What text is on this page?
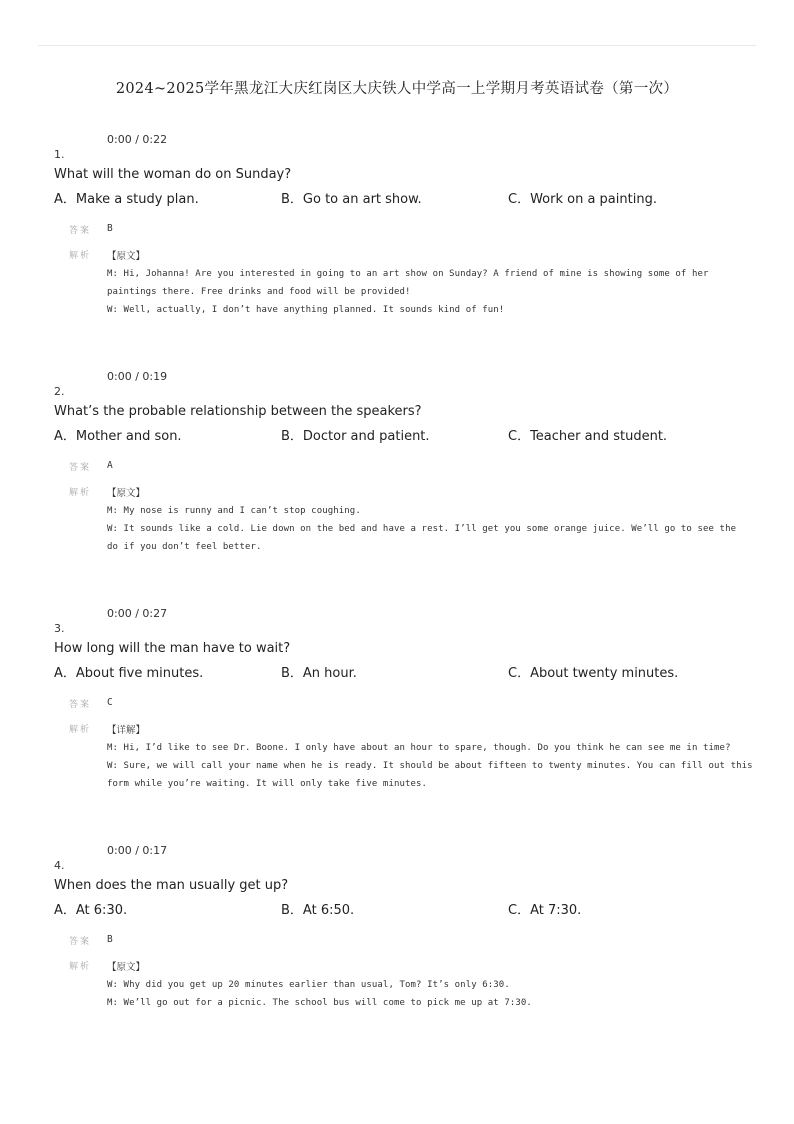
2024~2025学年黑龙江大庆红岗区大庆铁人中学高一上学期月考英语试卷（第一次）
0:00 / 0:22
1.
What will the woman do on Sunday?
A．Make a study plan.	B．Go to an art show.	C．Work on a painting.
答案 B
解析 【原文】
M: Hi, Johanna! Are you interested in going to an art show on Sunday? A friend of mine is showing some of her
paintings there. Free drinks and food will be provided!
W: Well, actually, I don’t have anything planned. It sounds kind of fun!
0:00 / 0:19
2.
What’s the probable relationship between the speakers?
A．Mother and son.	B．Doctor and patient.	C．Teacher and student.
答案 A
解析 【原文】
M: My nose is runny and I can’t stop coughing.
W: It sounds like a cold. Lie down on the bed and have a rest. I’ll get you some orange juice. We’ll go to see the
do if you don’t feel better.
0:00 / 0:27
3.
How long will the man have to wait?
A．About five minutes.	B．An hour.	C．About twenty minutes.
答案 C
解析 【详解】
M: Hi, I’d like to see Dr. Boone. I only have about an hour to spare, though. Do you think he can see me in time?
W: Sure, we will call your name when he is ready. It should be about fifteen to twenty minutes. You can fill out this
form while you’re waiting. It will only take five minutes.
0:00 / 0:17
4.
When does the man usually get up?
A．At 6:30.	B．At 6:50.	C．At 7:30.
答案 B
解析 【原文】
W: Why did you get up 20 minutes earlier than usual, Tom? It’s only 6:30.
M: We’ll go out for a picnic. The school bus will come to pick me up at 7:30.
